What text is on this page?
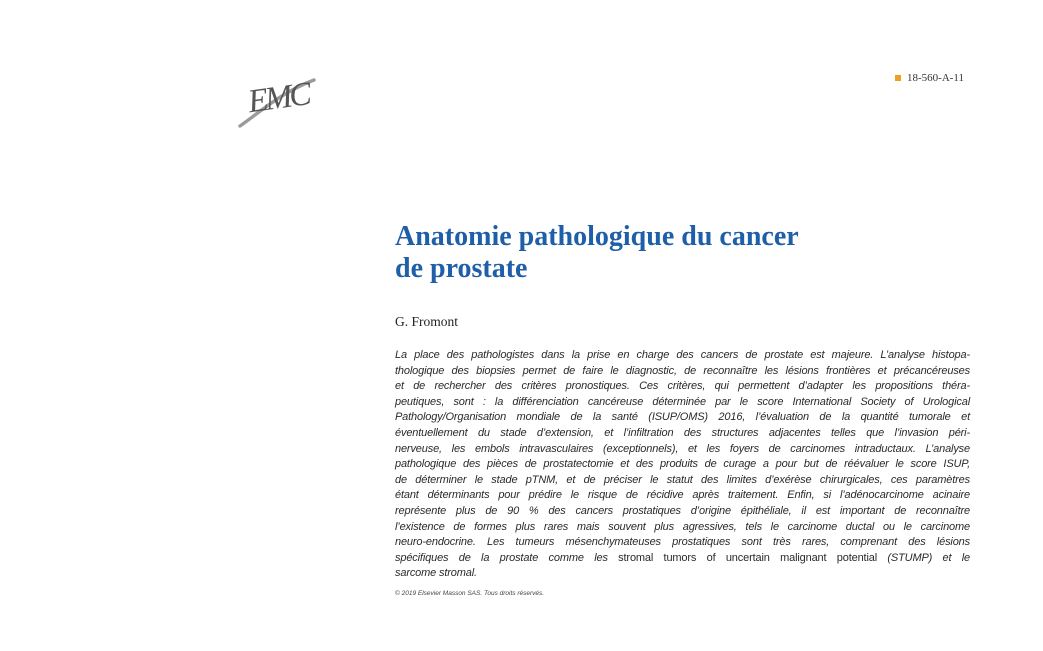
EMC	18-560-A-11
Anatomie pathologique du cancer
de prostate
G. Fromont
La place des pathologistes dans la prise en charge des cancers de prostate est majeure. L’analyse histopa-
thologique des biopsies permet de faire le diagnostic, de reconnaître les lésions frontières et précancéreuses
et de rechercher des critères pronostiques. Ces critères, qui permettent d’adapter les propositions théra-
peutiques, sont : la différenciation cancéreuse déterminée par le score International Society of Urological
Pathology/Organisation mondiale de la santé (ISUP/OMS) 2016, l’évaluation de la quantité tumorale et
éventuellement du stade d’extension, et l’infiltration des structures adjacentes telles que l’invasion péri-
nerveuse, les embols intravasculaires (exceptionnels), et les foyers de carcinomes intraductaux. L’analyse
pathologique des pièces de prostatectomie et des produits de curage a pour but de réévaluer le score ISUP,
de déterminer le stade pTNM, et de préciser le statut des limites d’exérèse chirurgicales, ces paramètres
étant déterminants pour prédire le risque de récidive après traitement. Enfin, si l’adénocarcinome acinaire
représente plus de 90 % des cancers prostatiques d’origine épithéliale, il est important de reconnaître
l’existence de formes plus rares mais souvent plus agressives, tels le carcinome ductal ou le carcinome
neuro-endocrine. Les tumeurs mésenchymateuses prostatiques sont très rares, comprenant des lésions
spécifiques de la prostate comme les stromal tumors of uncertain malignant potential (STUMP) et le
sarcome stromal.
© 2019 Elsevier Masson SAS. Tous droits réservés.
